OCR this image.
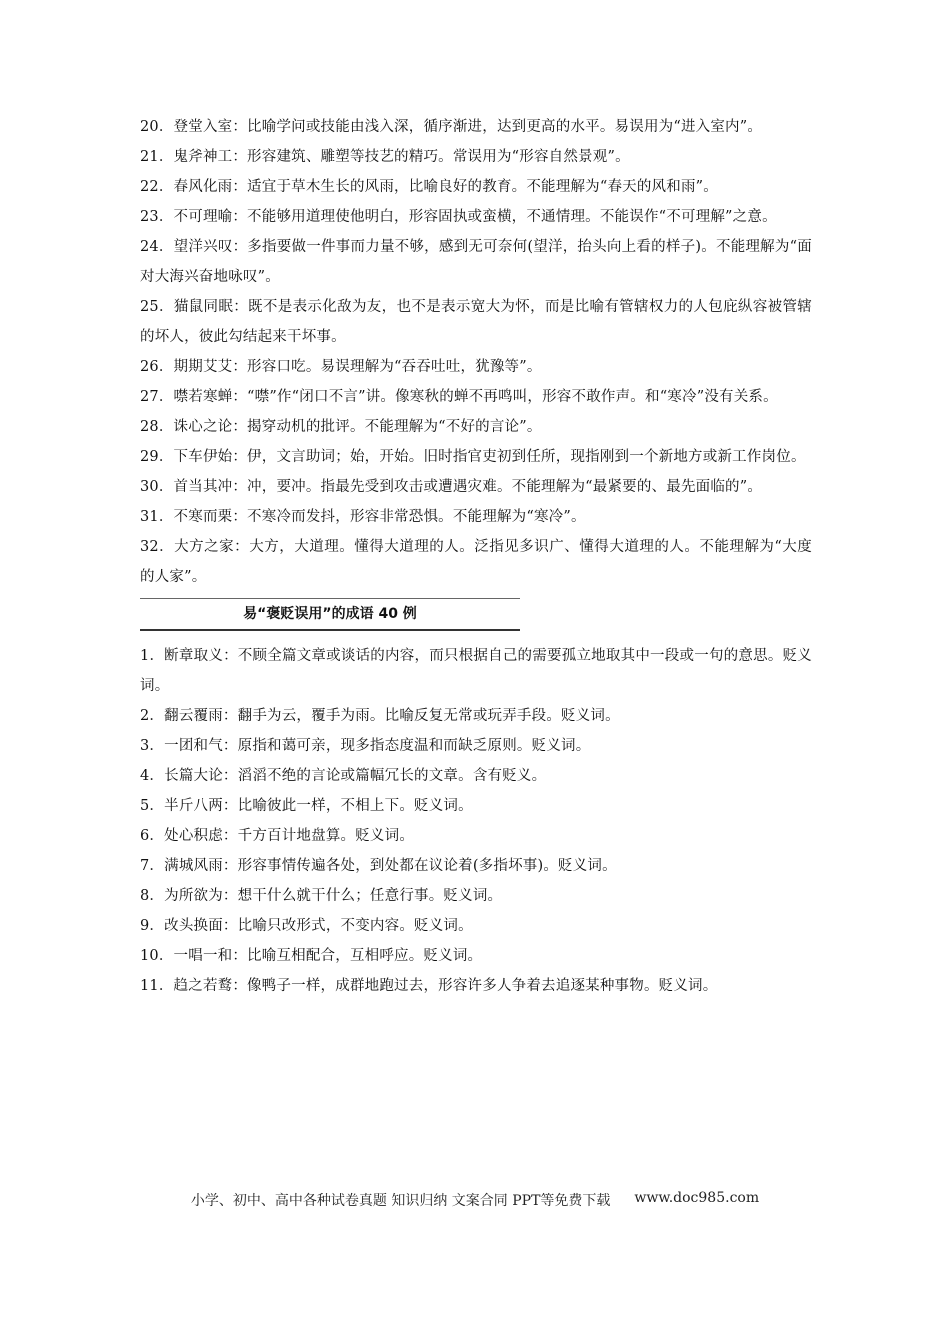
20．登堂入室：比喻学问或技能由浅入深，循序渐进，达到更高的水平。易误用为“进入室内”。

21．鬼斧神工：形容建筑、雕塑等技艺的精巧。常误用为“形容自然景观”。

22．春风化雨：适宜于草木生长的风雨，比喻良好的教育。不能理解为“春天的风和雨”。

23．不可理喻：不能够用道理使他明白，形容固执或蛮横，不通情理。不能误作“不可理解”之意。

24．望洋兴叹：多指要做一件事而力量不够，感到无可奈何(望洋，抬头向上看的样子)。不能理解为“面对大海兴奋地咏叹”。

25．猫鼠同眠：既不是表示化敌为友，也不是表示宽大为怀，而是比喻有管辖权力的人包庇纵容被管辖的坏人，彼此勾结起来干坏事。

26．期期艾艾：形容口吃。易误理解为“吞吞吐吐，犹豫等”。

27．噤若寒蝉：“噤”作“闭口不言”讲。像寒秋的蝉不再鸣叫，形容不敢作声。和“寒冷”没有关系。

28．诛心之论：揭穿动机的批评。不能理解为“不好的言论”。

29．下车伊始：伊，文言助词；始，开始。旧时指官吏初到任所，现指刚到一个新地方或新工作岗位。

30．首当其冲：冲，要冲。指最先受到攻击或遭遇灾难。不能理解为“最紧要的、最先面临的”。

31．不寒而栗：不寒冷而发抖，形容非常恐惧。不能理解为“寒冷”。

32．大方之家：大方，大道理。懂得大道理的人。泛指见多识广、懂得大道理的人。不能理解为“大度的人家”。

易“褒贬误用”的成语 40 例

1．断章取义：不顾全篇文章或谈话的内容，而只根据自己的需要孤立地取其中一段或一句的意思。贬义词。

2．翻云覆雨：翻手为云，覆手为雨。比喻反复无常或玩弄手段。贬义词。

3．一团和气：原指和蔼可亲，现多指态度温和而缺乏原则。贬义词。

4．长篇大论：滔滔不绝的言论或篇幅冗长的文章。含有贬义。

5．半斤八两：比喻彼此一样，不相上下。贬义词。

6．处心积虑：千方百计地盘算。贬义词。

7．满城风雨：形容事情传遍各处，到处都在议论着(多指坏事)。贬义词。

8．为所欲为：想干什么就干什么；任意行事。贬义词。

9．改头换面：比喻只改形式，不变内容。贬义词。

10．一唱一和：比喻互相配合，互相呼应。贬义词。

11．趋之若鹜：像鸭子一样，成群地跑过去，形容许多人争着去追逐某种事物。贬义词。

小学、初中、高中各种试卷真题 知识归纳 文案合同 PPT等免费下载 www.doc985.com
